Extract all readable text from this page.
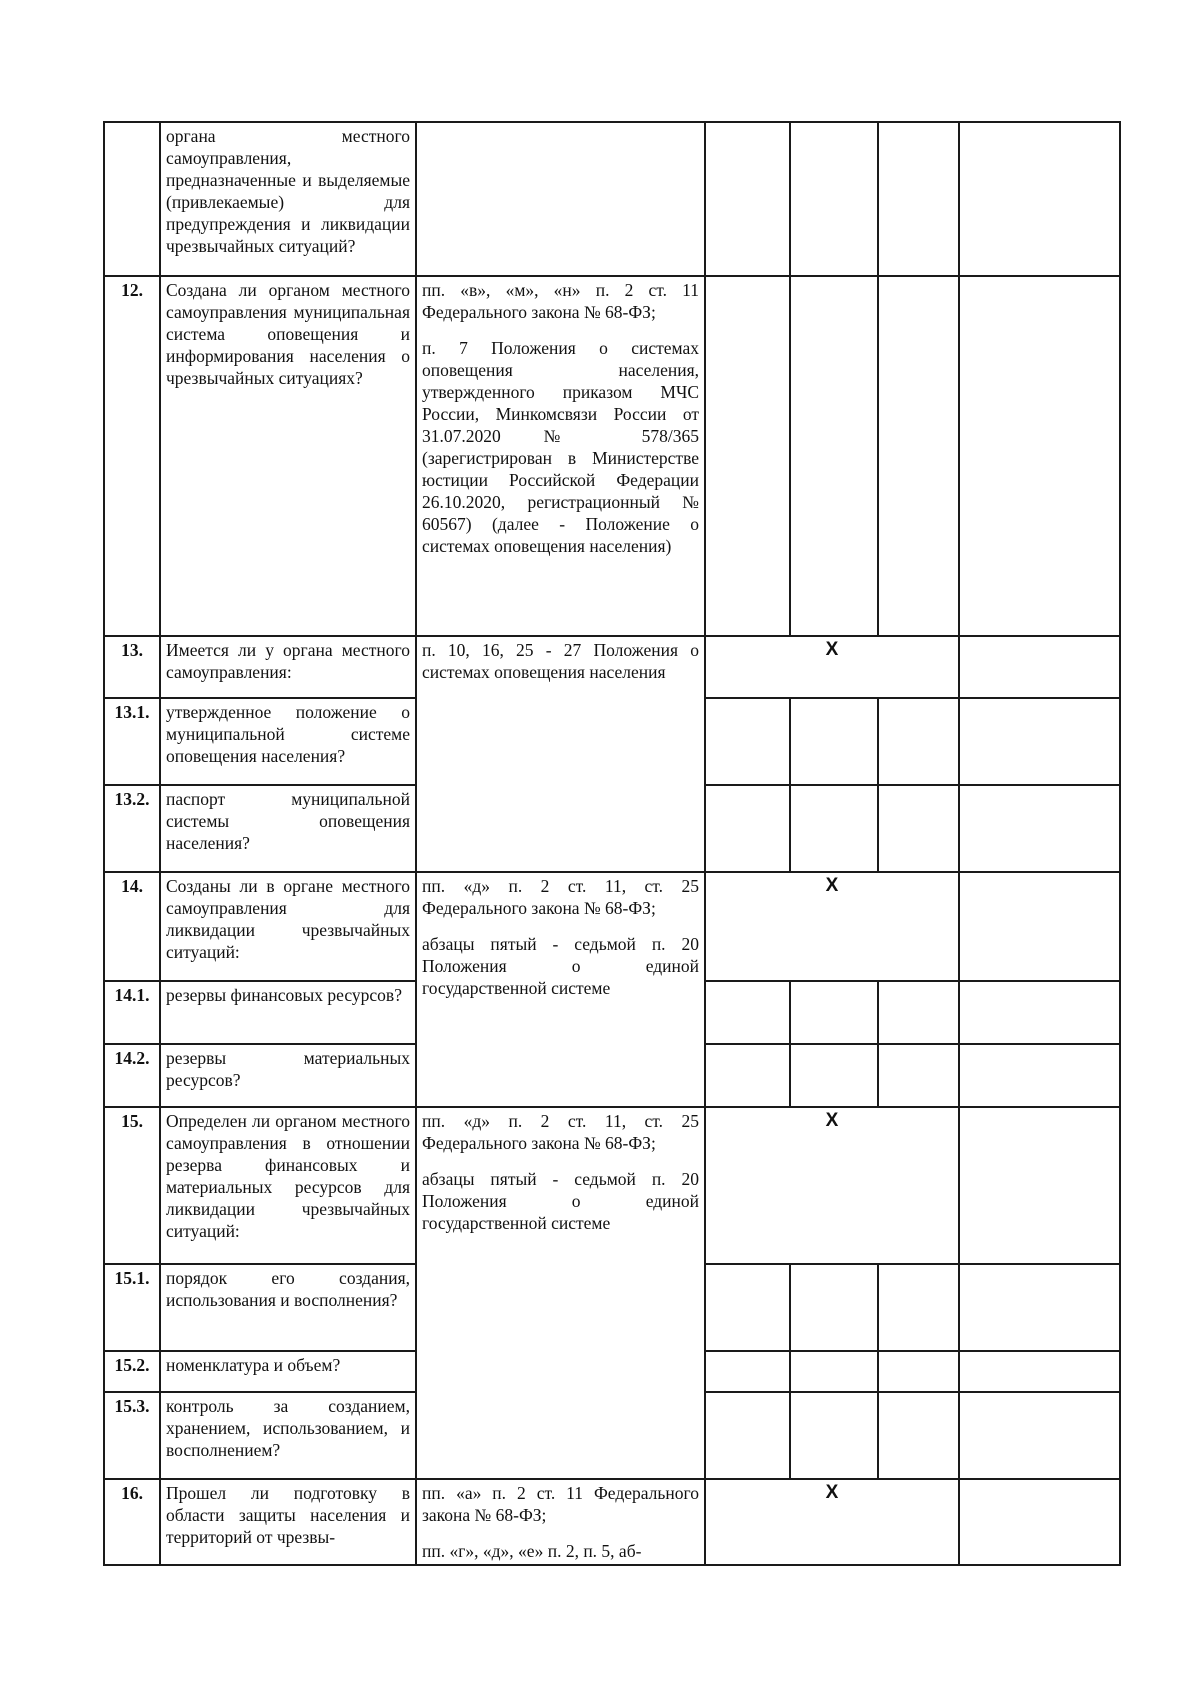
	органа местного самоуправления, предназначенные и выделяемые (привлекаемые) для предупреждения и ликвидации чрезвычайных ситуаций?					
12.	Создана ли органом местного самоуправления муниципальная система оповещения и информирования населения о чрезвычайных ситуациях?	пп. «в», «м», «н» п. 2 ст. 11 Федерального закона № 68-ФЗ;

п. 7 Положения о системах оповещения населения, утвержденного приказом МЧС России, Минкомсвязи России от 31.07.2020 № 578/365 (зарегистрирован в Министерстве юстиции Российской Федерации 26.10.2020, регистрационный № 60567) (далее - Положение о системах оповещения населения)				

13.	Имеется ли у органа местного самоуправления:	п. 10, 16, 25 - 27 Положения о системах оповещения населения	Х			
13.1.	утвержденное положение о муниципальной системе оповещения населения?					
13.2.	паспорт муниципальной системы оповещения населения?					
14.	Созданы ли в органе местного самоуправления для ликвидации чрезвычайных ситуаций:	пп. «д» п. 2 ст. 11, ст. 25 Федерального закона № 68-ФЗ;

абзацы пятый - седьмой п. 20 Положения о единой государственной системе	Х			
14.1.	резервы финансовых ресурсов?					
14.2.	резервы материальных ресурсов?					
15.	Определен ли органом местного самоуправления в отношении резерва финансовых и материальных ресурсов для ликвидации чрезвычайных ситуаций:	пп. «д» п. 2 ст. 11, ст. 25 Федерального закона № 68-ФЗ;

абзацы пятый - седьмой п. 20 Положения о единой государственной системе	Х			
15.1.	порядок его создания, использования и восполнения?					
15.2.	номенклатура и объем?					
15.3.	контроль за созданием, хранением, использованием, и восполнением?					
16.	Прошел ли подготовку в области защиты населения и территорий от чрезвы-	пп. «а» п. 2 ст. 11 Федерального закона № 68-ФЗ;

пп. «г», «д», «е» п. 2, п. 5, аб-	Х			
